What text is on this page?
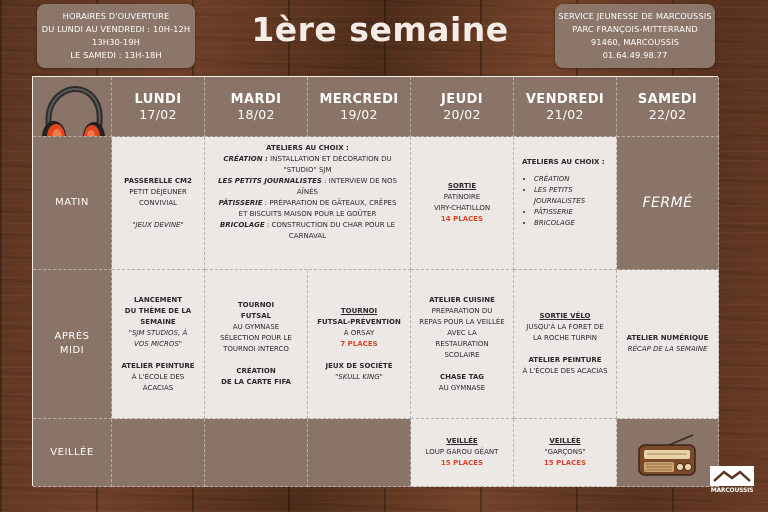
HORAIRES D'OUVERTURE
DU LUNDI AU VENDREDI : 10H-12H
13H30-19H
LE SAMEDI : 13H-18H
1ère semaine	SERVICE JEUNESSE DE MARCOUSSIS
PARC FRANÇOIS-MITTERRAND
91460, MARCOUSSIS
01.64.49.98.77
LUNDI
17/02
MARDI
18/02
MERCREDI
19/02
JEUDI
20/02
VENDREDI
21/02
SAMEDI
22/02
MATIN
PASSERELLE CM2
PETIT DÉJEUNER
CONVIVIAL
"JEUX DEVINE"
ATELIERS AU CHOIX :
CRÉATION : INSTALLATION ET DÉCORATION DU "STUDIO" SJM
LES PETITS JOURNALISTES : INTERVIEW DE NOS AÎNÉS
PÂTISSERIE : PRÉPARATION DE GÂTEAUX, CRÊPES ET BISCUITS MAISON POUR LE GOÛTER
BRICOLAGE : CONSTRUCTION DU CHAR POUR LE CARNAVAL
SORTIE
PATINOIRE
VIRY-CHATILLON
14 PLACES
ATELIERS AU CHOIX :
• CRÉATION
• LES PETITS JOURNALISTES
• PÂTISSERIE
• BRICOLAGE
FERMÉ
APRÈS
MIDI
LANCEMENT
DU THÈME DE LA
SEMAINE
"SJM STUDIOS, À
VOS MICROS"
ATELIER PEINTURE
À L'ÉCOLE DES
ACACIAS
TOURNOI
FUTSAL
AU GYMNASE
SÉLECTION POUR LE
TOURNOI INTERCO
CRÉATION
DE LA CARTE FIFA
TOURNOI
FUTSAL-PRÉVENTION
À ORSAY
7 PLACES
JEUX DE SOCIÉTÉ
"SKULL KING"
ATELIER CUISINE
PRÉPARATION DU
REPAS POUR LA VEILLÉE
AVEC LA
RESTAURATION
SCOLAIRE
CHASE TAG
AU GYMNASE
SORTIE VÉLO
JUSQU'À LA FORET DE
LA ROCHE TURPIN
ATELIER PEINTURE
À L'ÉCOLE DES ACACIAS
ATELIER NUMÉRIQUE
RÉCAP DE LA SEMAINE
VEILLÉE
VEILLÉE
LOUP GAROU GÉANT
15 PLACES
VEILLÉE
"GARÇONS"
15 PLACES
MARCOUSSIS
